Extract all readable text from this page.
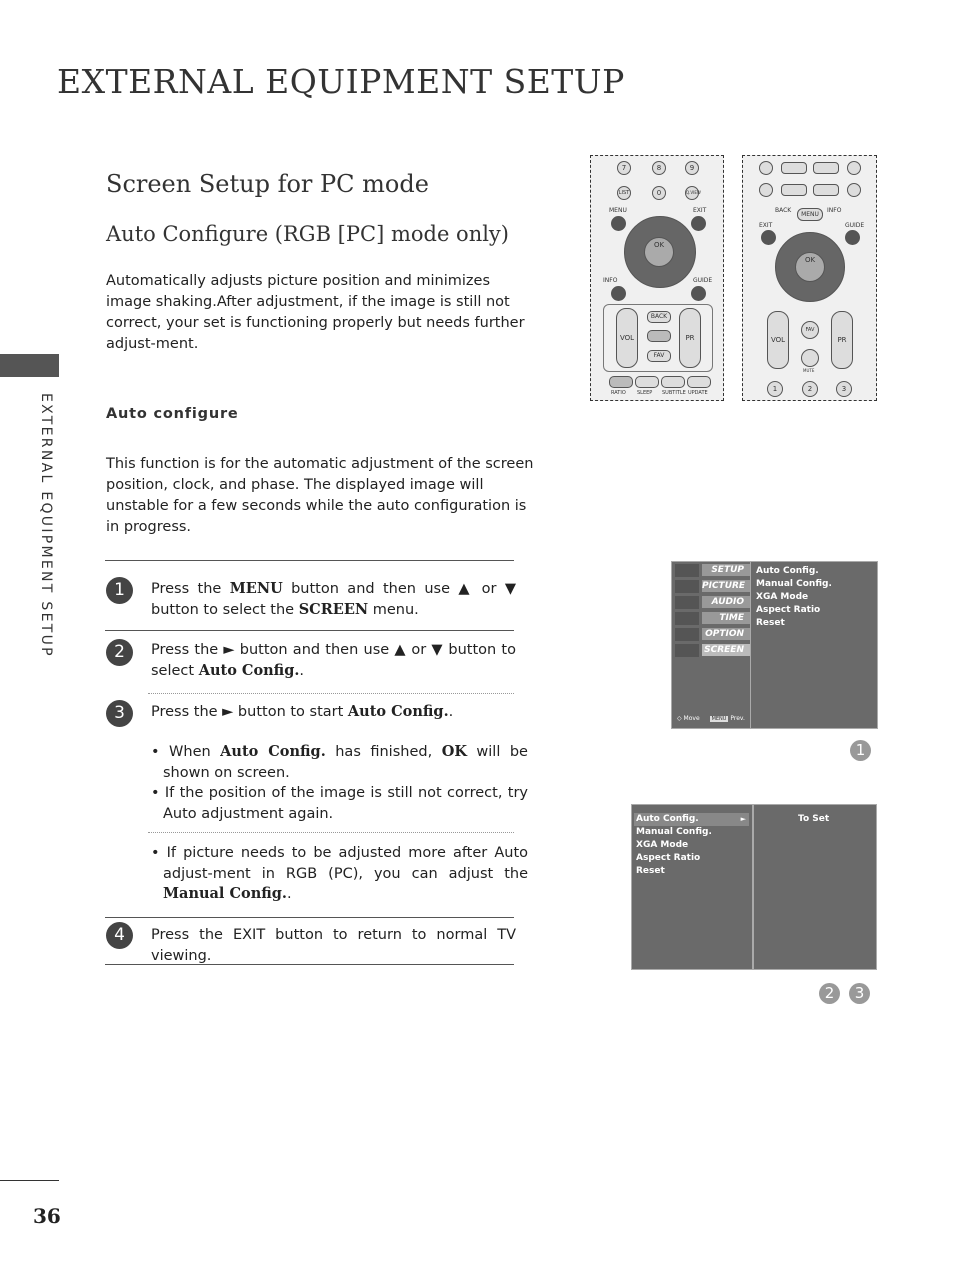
EXTERNAL EQUIPMENT SETUP
EXTERNAL EQUIPMENT SETUP
36
Screen Setup for PC mode
Auto Configure (RGB [PC] mode only)
Automatically adjusts picture position and minimizes image shaking.After adjustment, if the image is still not correct, your set is functioning properly but needs further adjust-ment.
Auto configure
This function is for the automatic adjustment of the screen position, clock, and phase. The displayed image will unstable for a few seconds while the auto configuration is in progress.
1	Press the MENU button and then use ▲ or ▼ button to select the SCREEN menu.
2	Press the ► button and then use ▲ or ▼ button to select Auto Config..
3	Press the ► button to start Auto Config..
• When Auto Config. has finished, OK will be shown on screen.
• If the position of the image is still not correct, try Auto adjustment again.
• If picture needs to be adjusted more after Auto adjust-ment in RGB (PC), you can adjust the Manual Config..
4	Press the EXIT button to return to normal TV viewing.
7	8	9
LIST	0	Q.VIEW
MENU	EXIT
OK
INFO	GUIDE
VOL	PR
BACK
FAV
RATIO SLEEP SUBTITLE UPDATE
BACK	INFO
MENU
EXIT	GUIDE
OK
VOL	PR
FAV
MUTE
1	2	3
SETUP
PICTURE
AUDIO
TIME
OPTION
SCREEN
◇ Move MENU Prev.
Auto Config.
Manual Config.
XGA Mode
Aspect Ratio
Reset
1
Auto Config.	►
Manual Config.
XGA Mode
Aspect Ratio
Reset
To Set
2	3
